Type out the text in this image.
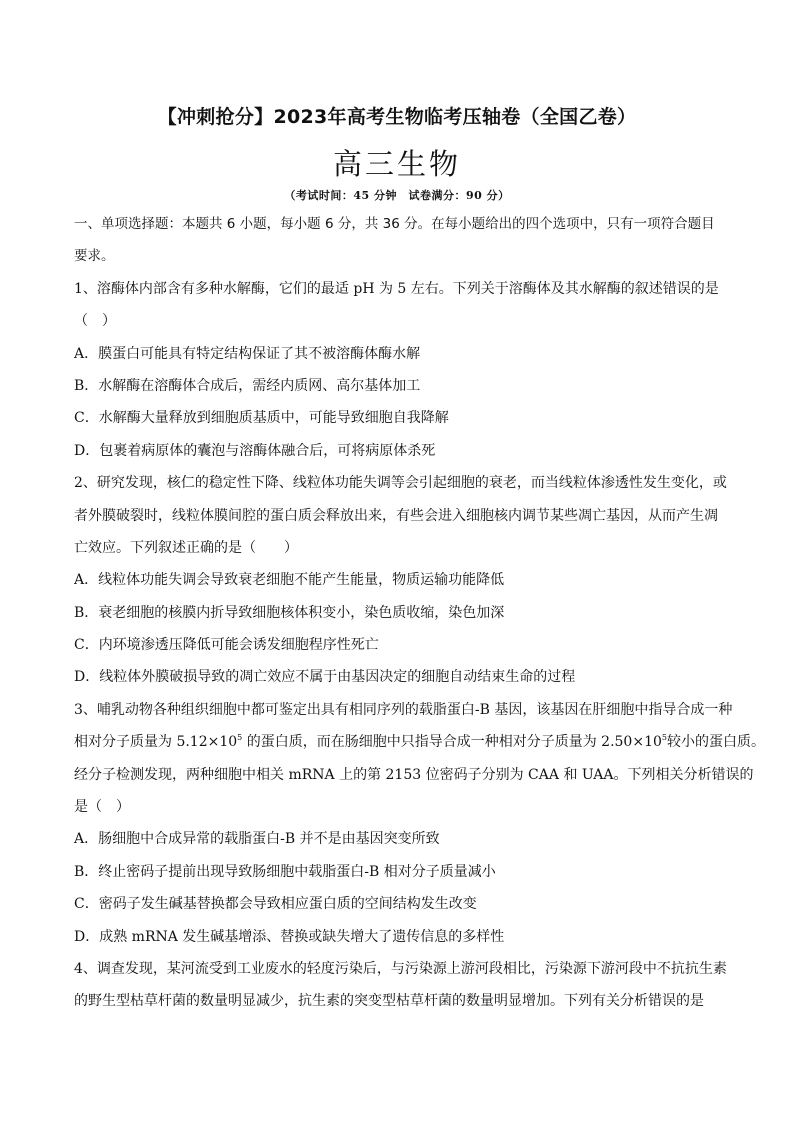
【冲刺抢分】2023年高考生物临考压轴卷（全国乙卷）
高三生物
（考试时间：45 分钟　试卷满分：90 分）
一、单项选择题：本题共 6 小题，每小题 6 分，共 36 分。在每小题给出的四个选项中，只有一项符合题目
要求。
1、溶酶体内部含有多种水解酶，它们的最适 pH 为 5 左右。下列关于溶酶体及其水解酶的叙述错误的是
（　）
A．膜蛋白可能具有特定结构保证了其不被溶酶体酶水解
B．水解酶在溶酶体合成后，需经内质网、高尔基体加工
C．水解酶大量释放到细胞质基质中，可能导致细胞自我降解
D．包裹着病原体的囊泡与溶酶体融合后，可将病原体杀死
2、研究发现，核仁的稳定性下降、线粒体功能失调等会引起细胞的衰老，而当线粒体渗透性发生变化，或
者外膜破裂时，线粒体膜间腔的蛋白质会释放出来，有些会进入细胞核内调节某些凋亡基因，从而产生凋
亡效应。下列叙述正确的是（　　）
A．线粒体功能失调会导致衰老细胞不能产生能量，物质运输功能降低
B．衰老细胞的核膜内折导致细胞核体积变小，染色质收缩，染色加深
C．内环境渗透压降低可能会诱发细胞程序性死亡
D．线粒体外膜破损导致的凋亡效应不属于由基因决定的细胞自动结束生命的过程
3、哺乳动物各种组织细胞中都可鉴定出具有相同序列的载脂蛋白-B 基因，该基因在肝细胞中指导合成一种
相对分子质量为 $5.12\times 10^5$ 的蛋白质，而在肠细胞中只指导合成一种相对分子质量为 $2.50\times 10^5$较小的蛋白质。
经分子检测发现，两种细胞中相关 mRNA 上的第 2153 位密码子分别为 CAA 和 UAA。下列相关分析错误的
是（　）
A．肠细胞中合成异常的载脂蛋白-B 并不是由基因突变所致
B．终止密码子提前出现导致肠细胞中载脂蛋白-B 相对分子质量减小
C．密码子发生碱基替换都会导致相应蛋白质的空间结构发生改变
D．成熟 mRNA 发生碱基增添、替换或缺失增大了遗传信息的多样性
4、调查发现，某河流受到工业废水的轻度污染后，与污染源上游河段相比，污染源下游河段中不抗抗生素
的野生型枯草杆菌的数量明显减少，抗生素的突变型枯草杆菌的数量明显增加。下列有关分析错误的是
